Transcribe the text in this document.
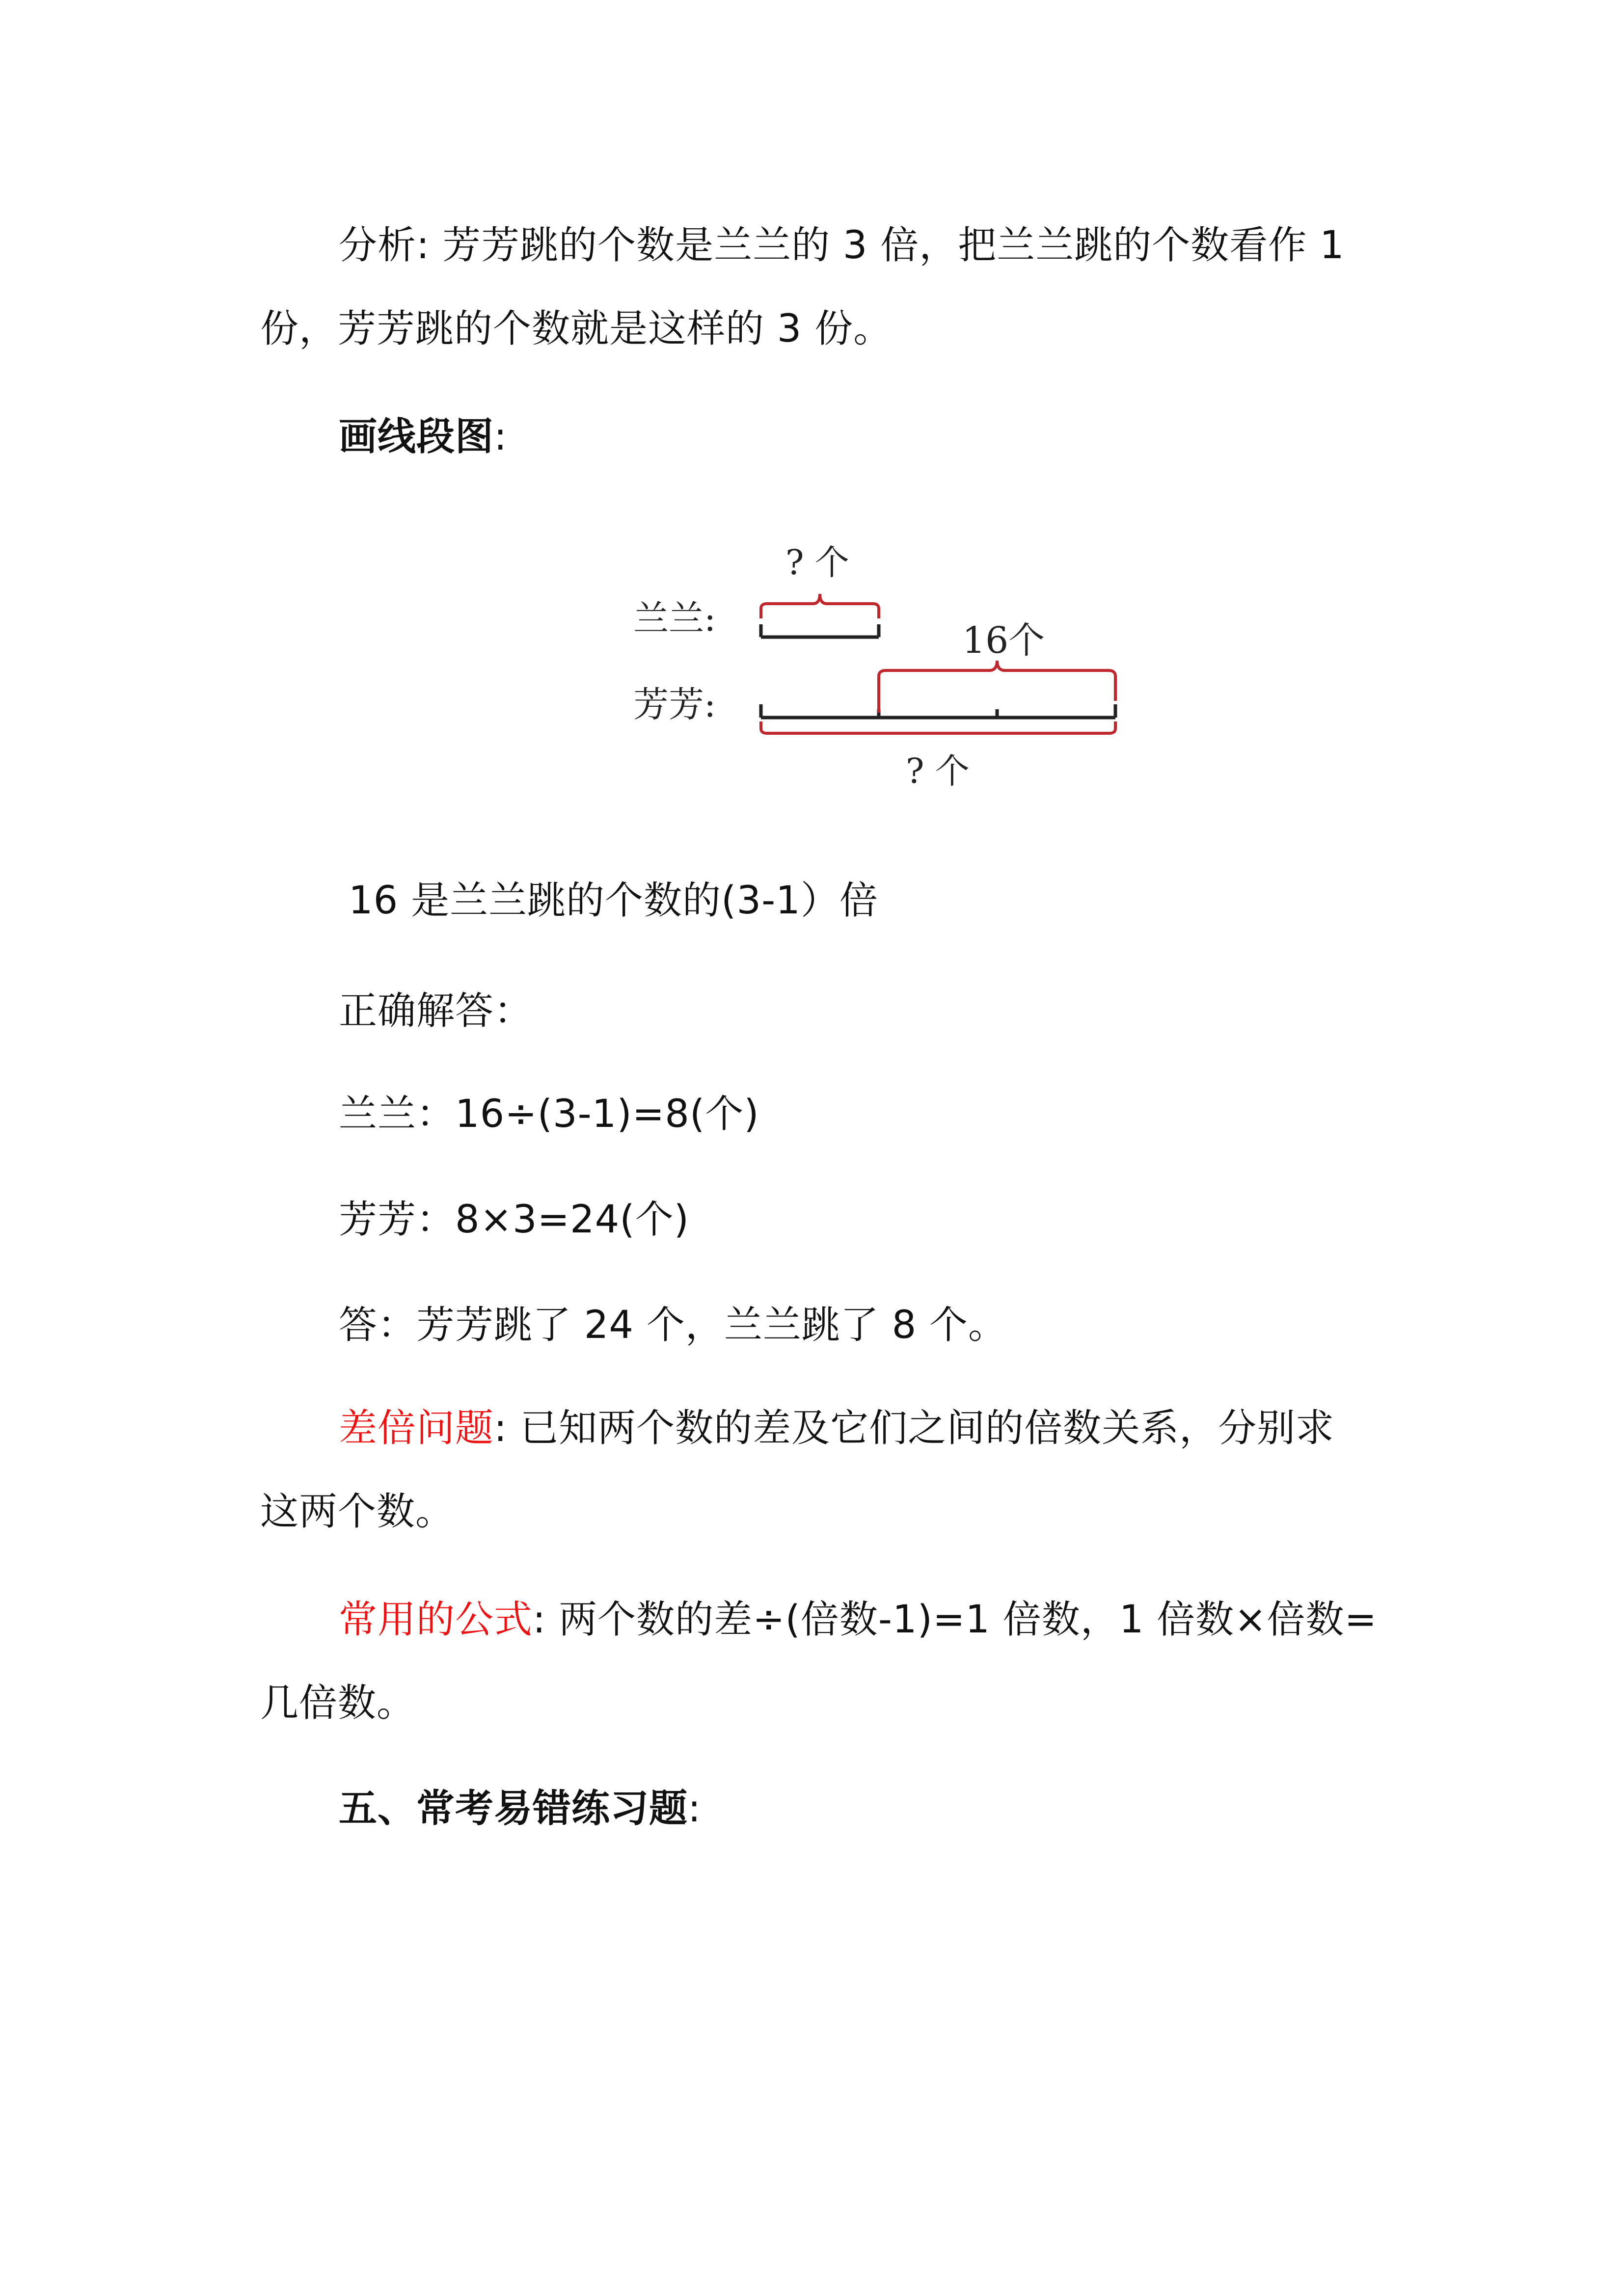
分析: 芳芳跳的个数是兰兰的 3 倍，把兰兰跳的个数看作 1
份，芳芳跳的个数就是这样的 3 份。
画线段图:
兰兰:
芳芳:
? 个
16个
? 个
16 是兰兰跳的个数的(3-1）倍
正确解答：
兰兰：16÷(3-1)=8(个)
芳芳：8×3=24(个)
答：芳芳跳了 24 个，兰兰跳了 8 个。
差倍问题: 已知两个数的差及它们之间的倍数关系，分别求
这两个数。
常用的公式: 两个数的差÷(倍数-1)=1 倍数，1 倍数×倍数=
几倍数。
五、常考易错练习题:
